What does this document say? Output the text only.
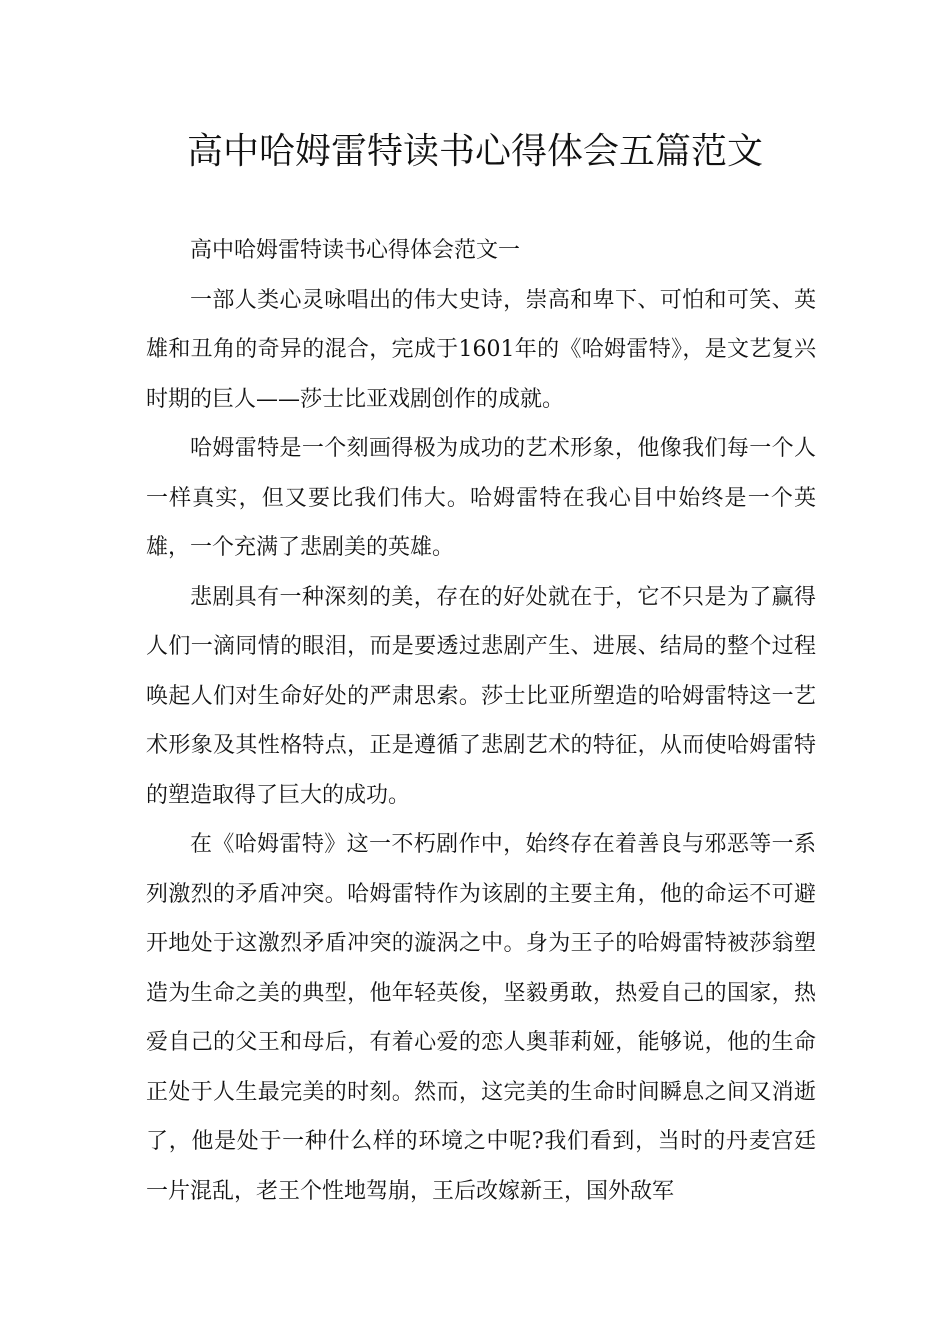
高中哈姆雷特读书心得体会五篇范文

高中哈姆雷特读书心得体会范文一

一部人类心灵咏唱出的伟大史诗，崇高和卑下、可怕和可笑、英雄和丑角的奇异的混合，完成于1601年的《哈姆雷特》，是文艺复兴时期的巨人——莎士比亚戏剧创作的成就。

哈姆雷特是一个刻画得极为成功的艺术形象，他像我们每一个人一样真实，但又要比我们伟大。哈姆雷特在我心目中始终是一个英雄，一个充满了悲剧美的英雄。

悲剧具有一种深刻的美，存在的好处就在于，它不只是为了赢得人们一滴同情的眼泪，而是要透过悲剧产生、进展、结局的整个过程唤起人们对生命好处的严肃思索。莎士比亚所塑造的哈姆雷特这一艺术形象及其性格特点，正是遵循了悲剧艺术的特征，从而使哈姆雷特的塑造取得了巨大的成功。

在《哈姆雷特》这一不朽剧作中，始终存在着善良与邪恶等一系列激烈的矛盾冲突。哈姆雷特作为该剧的主要主角，他的命运不可避开地处于这激烈矛盾冲突的漩涡之中。身为王子的哈姆雷特被莎翁塑造为生命之美的典型，他年轻英俊，坚毅勇敢，热爱自己的国家，热爱自己的父王和母后，有着心爱的恋人奥菲莉娅，能够说，他的生命正处于人生最完美的时刻。然而，这完美的生命时间瞬息之间又消逝了，他是处于一种什么样的环境之中呢?我们看到，当时的丹麦宫廷一片混乱，老王个性地驾崩，王后改嫁新王，国外敌军
